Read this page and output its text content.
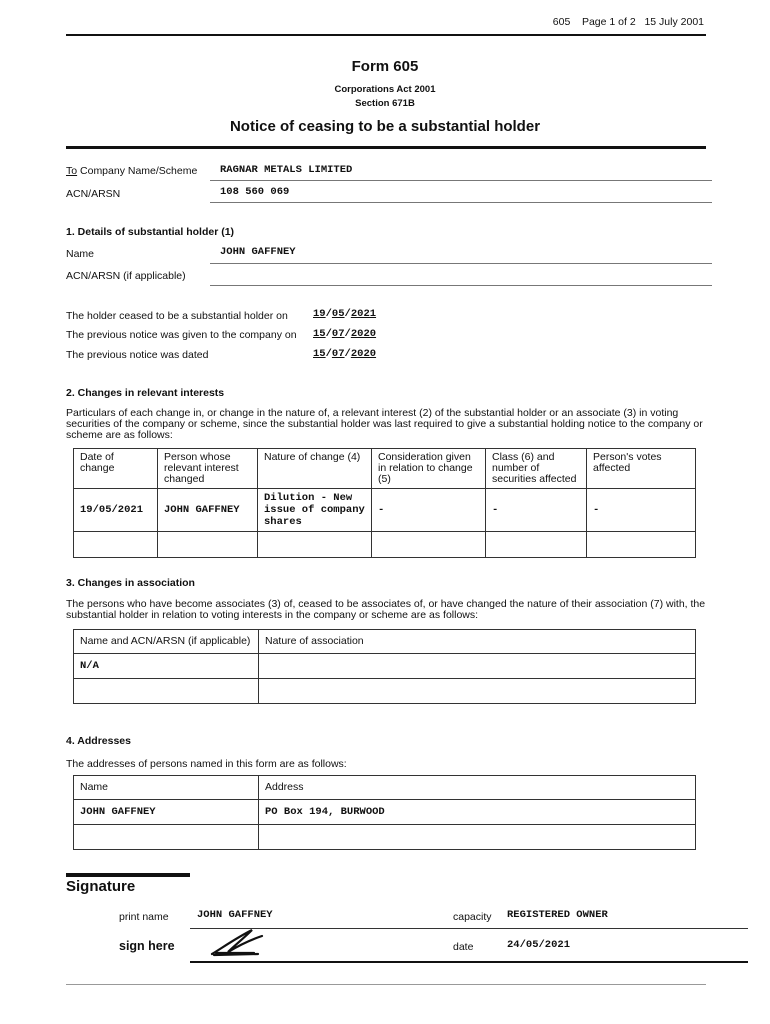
605 Page 1 of 2 15 July 2001
Form 605
Corporations Act 2001
Section 671B
Notice of ceasing to be a substantial holder
To Company Name/Scheme RAGNAR METALS LIMITED
ACN/ARSN	108 560 069
1. Details of substantial holder (1)
Name	JOHN GAFFNEY
ACN/ARSN (if applicable)
The holder ceased to be a substantial holder on 19/05/2021
The previous notice was given to the company on 15/07/2020
The previous notice was dated	15/07/2020
2. Changes in relevant interests
Particulars of each change in, or change in the nature of, a relevant interest (2) of the substantial holder or an associate (3) in voting securities of the company or scheme, since the substantial holder was last required to give a substantial holding notice to the company or scheme are as follows:
Date of change	Person whose relevant interest changed	Nature of change (4)	Consideration given in relation to change (5)	Class (6) and number of securities affected	Person's votes affected
19/05/2021	JOHN GAFFNEY	Dilution - New issue of company shares	-	-	-

3. Changes in association
The persons who have become associates (3) of, ceased to be associates of, or have changed the nature of their association (7) with, the substantial holder in relation to voting interests in the company or scheme are as follows:
Name and ACN/ARSN (if applicable)	Nature of association
N/A	

4. Addresses
The addresses of persons named in this form are as follows:
Name	Address
JOHN GAFFNEY	PO Box 194, BURWOOD

Signature
print name	JOHN GAFFNEY	capacity REGISTERED OWNER
sign here	date	24/05/2021
